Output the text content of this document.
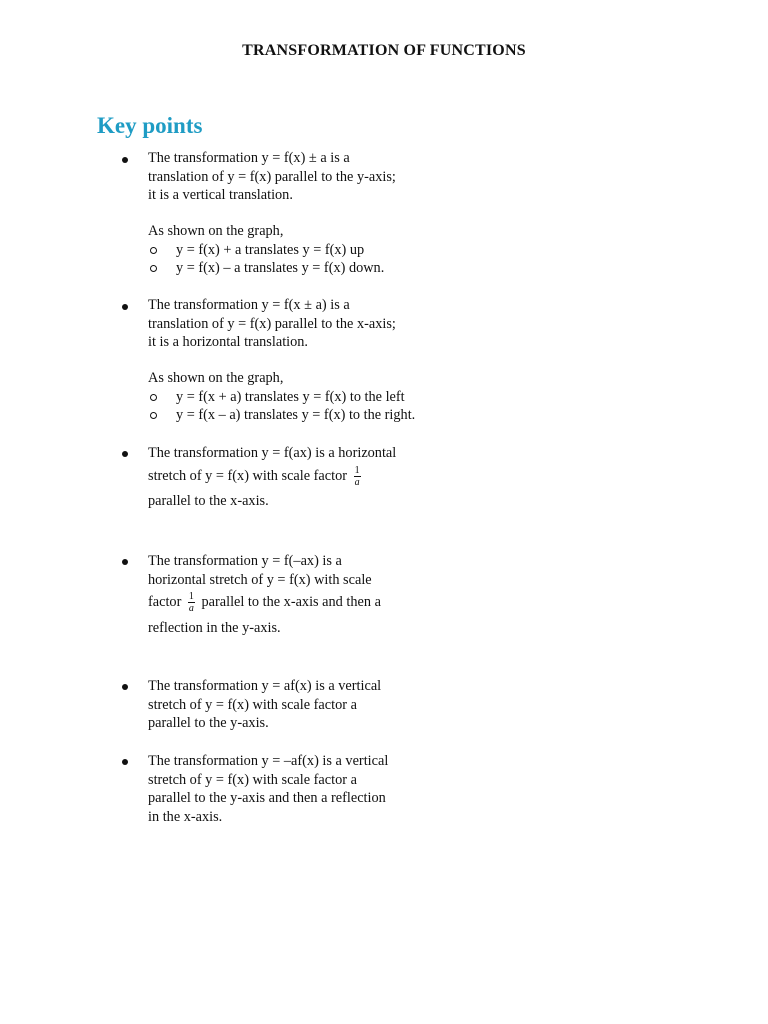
TRANSFORMATION OF FUNCTIONS
Key points
The transformation y = f(x) ± a is a
translation of y = f(x) parallel to the y-axis;
it is a vertical translation.
As shown on the graph,
y = f(x) + a translates y = f(x) up
y = f(x) – a translates y = f(x) down.
The transformation y = f(x ± a) is a
translation of y = f(x) parallel to the x-axis;
it is a horizontal translation.
As shown on the graph,
y = f(x + a) translates y = f(x) to the left
y = f(x – a) translates y = f(x) to the right.
The transformation y = f(ax) is a horizontal
stretch of y = f(x) with scale factor $\frac{1}{a}$
parallel to the x-axis.
The transformation y = f(–ax) is a
horizontal stretch of y = f(x) with scale
factor $\frac{1}{a}$ parallel to the x-axis and then a
reflection in the y-axis.
The transformation y = af(x) is a vertical
stretch of y = f(x) with scale factor a
parallel to the y-axis.
The transformation y = –af(x) is a vertical
stretch of y = f(x) with scale factor a
parallel to the y-axis and then a reflection
in the x-axis.
